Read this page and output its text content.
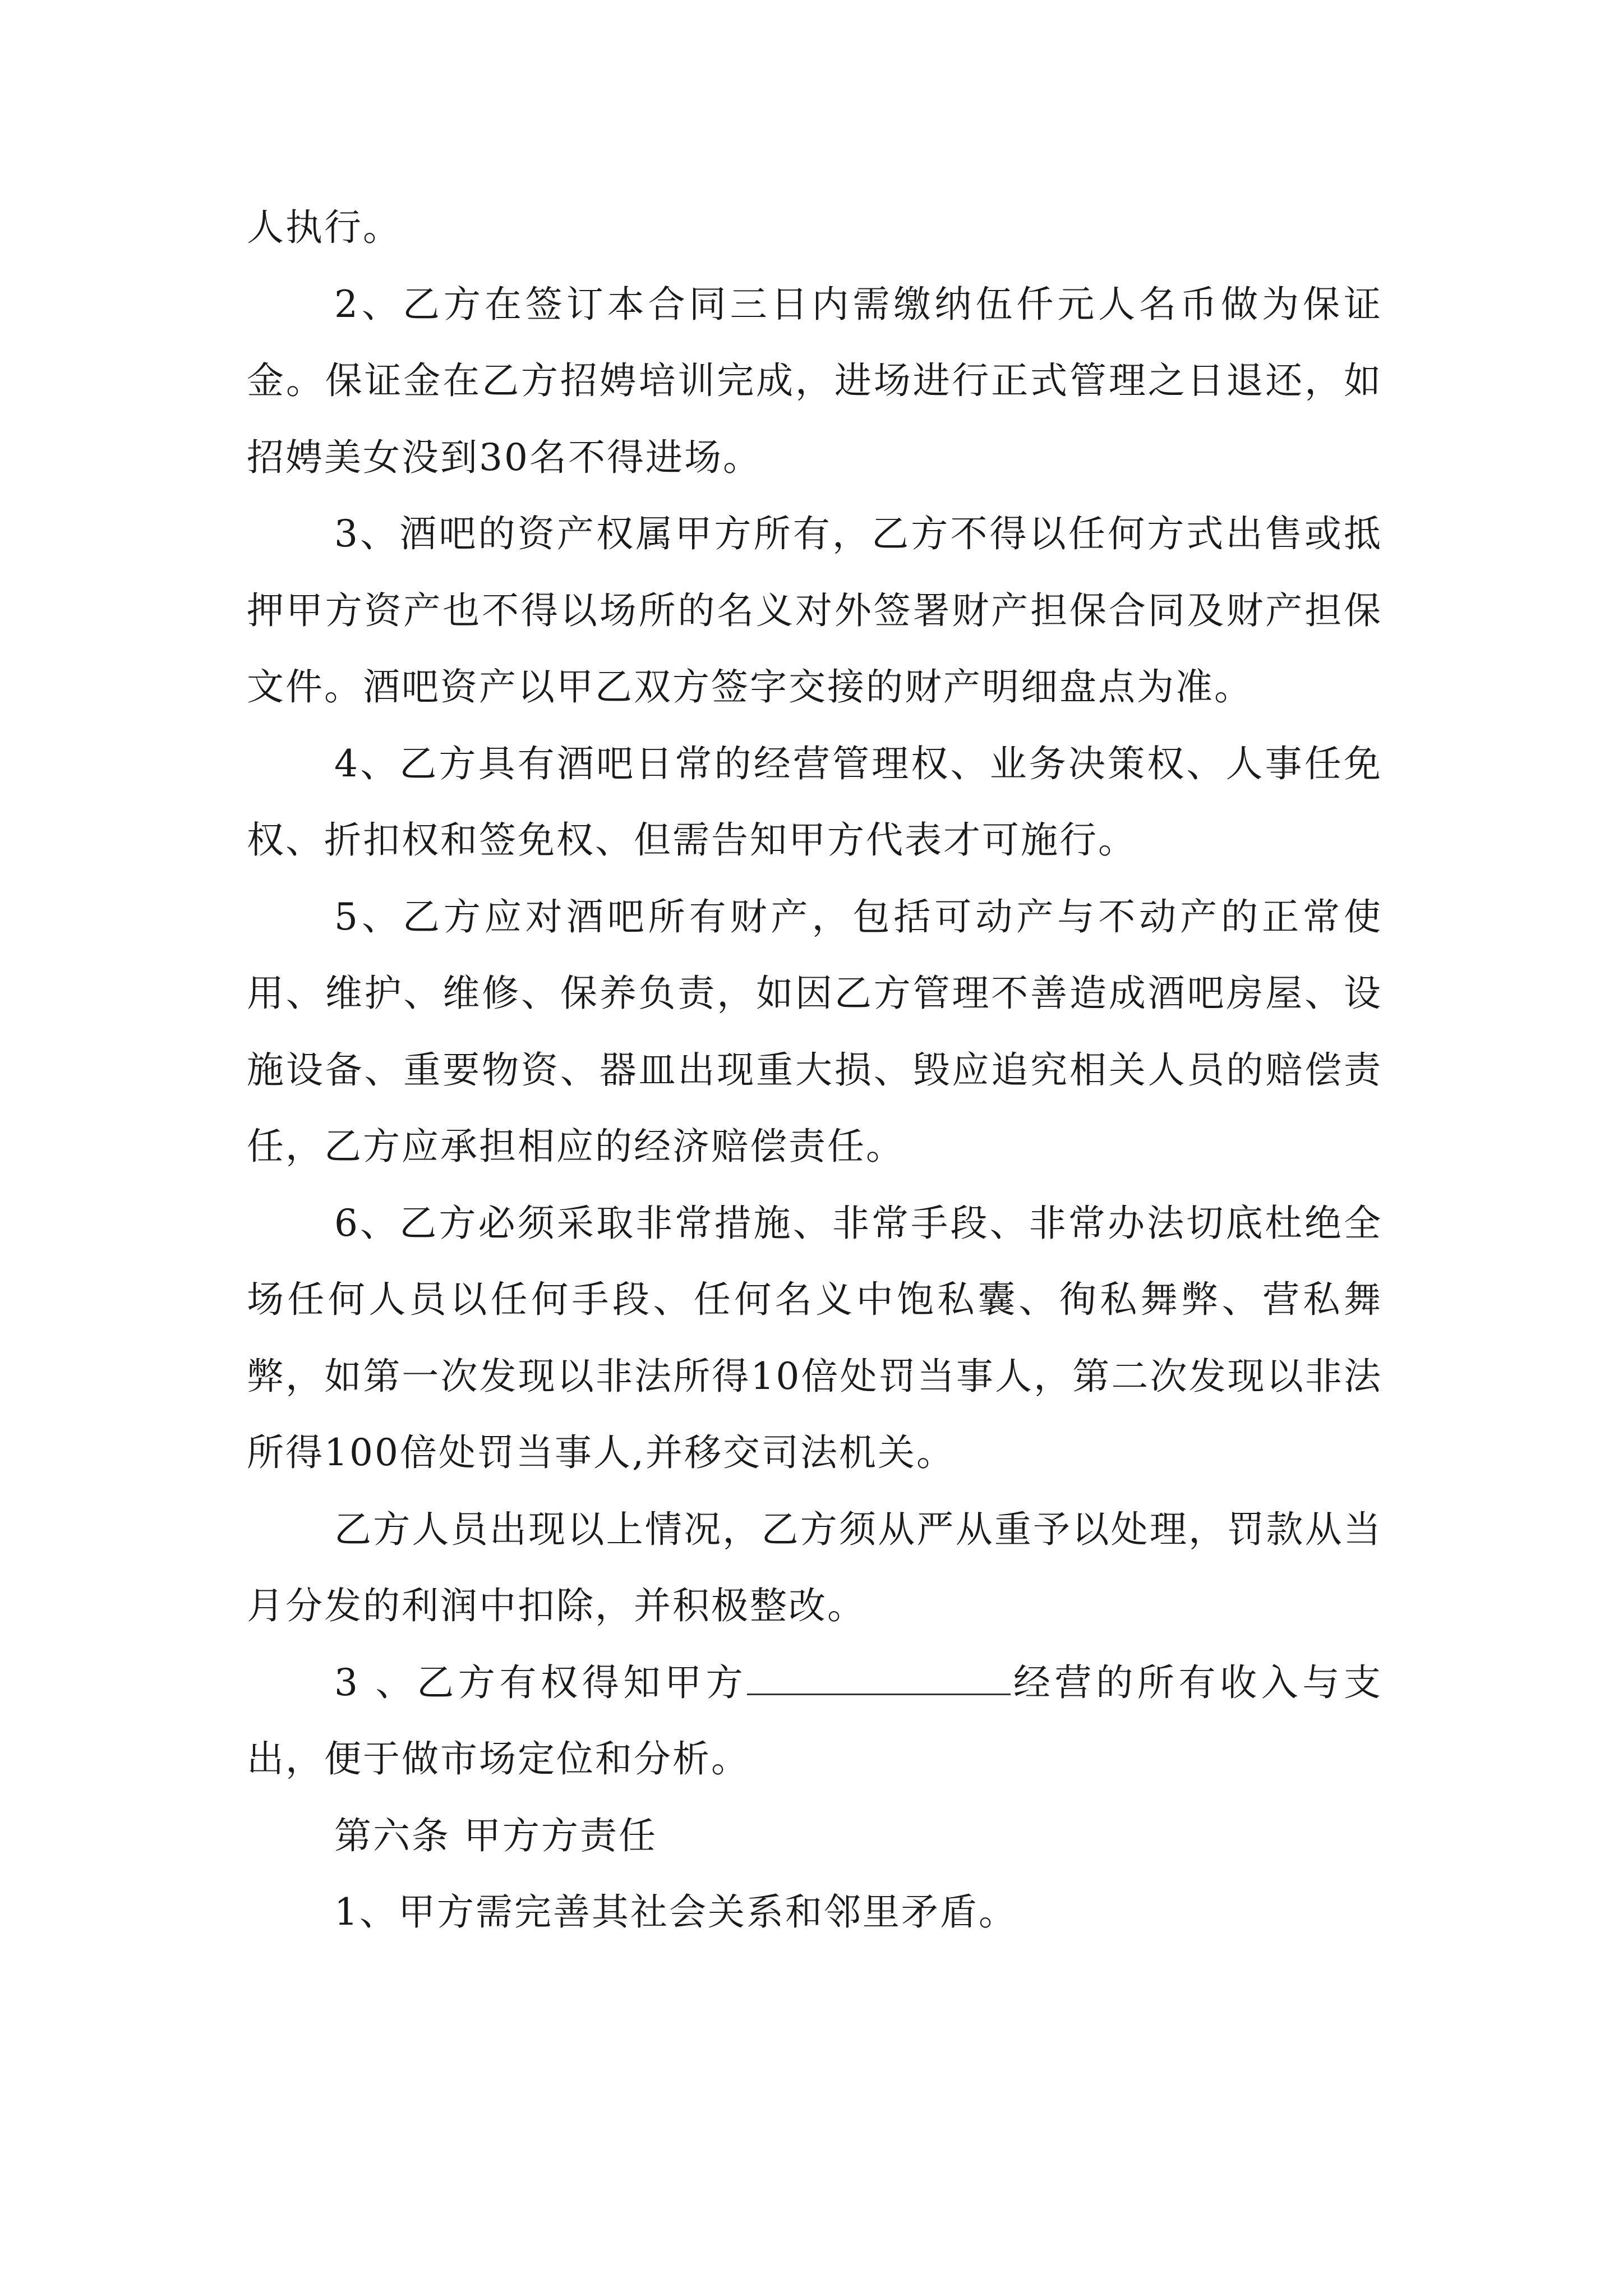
人执行。

2、乙方在签订本合同三日内需缴纳伍仟元人名币做为保证金。保证金在乙方招娉培训完成，进场进行正式管理之日退还，如招娉美女没到30名不得进场。

3、酒吧的资产权属甲方所有，乙方不得以任何方式出售或抵押甲方资产也不得以场所的名义对外签署财产担保合同及财产担保文件。酒吧资产以甲乙双方签字交接的财产明细盘点为准。

4、乙方具有酒吧日常的经营管理权、业务决策权、人事任免权、折扣权和签免权、但需告知甲方代表才可施行。

5、乙方应对酒吧所有财产，包括可动产与不动产的正常使用、维护、维修、保养负责，如因乙方管理不善造成酒吧房屋、设施设备、重要物资、器皿出现重大损、毁应追究相关人员的赔偿责任，乙方应承担相应的经济赔偿责任。

6、乙方必须采取非常措施、非常手段、非常办法切底杜绝全场任何人员以任何手段、任何名义中饱私囊、徇私舞弊、营私舞弊，如第一次发现以非法所得10倍处罚当事人，第二次发现以非法所得100倍处罚当事人,并移交司法机关。

乙方人员出现以上情况，乙方须从严从重予以处理，罚款从当月分发的利润中扣除，并积极整改。

3 、乙方有权得知甲方	经营的所有收入与支出，便于做市场定位和分析。

第六条 甲方方责任

1、甲方需完善其社会关系和邻里矛盾。
